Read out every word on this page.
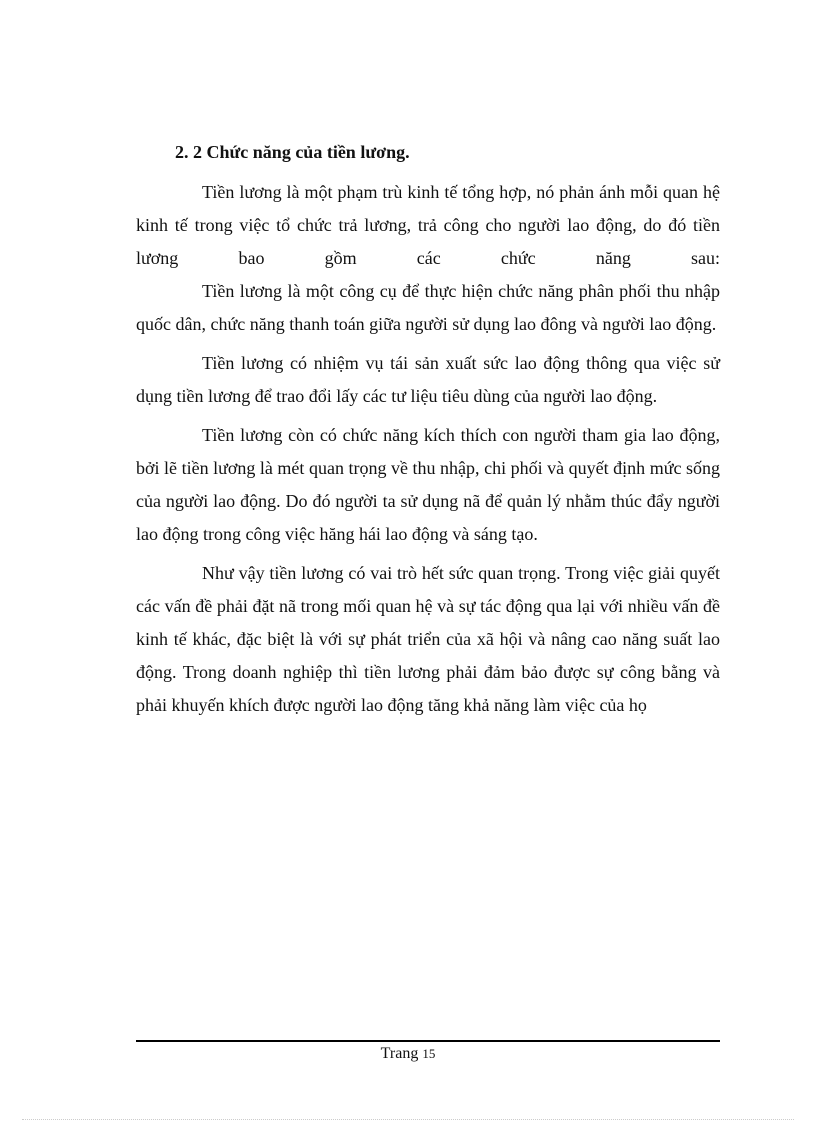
2. 2 Chức năng của tiền lương.

Tiền lương là một phạm trù kinh tế tổng hợp, nó phản ánh mỗi quan hệ kinh tế trong việc tổ chức trả lương, trả công cho người lao động, do đó tiền lương bao gồm các chức năng sau:

Tiền lương là một công cụ để thực hiện chức năng phân phối thu nhập quốc dân, chức năng thanh toán giữa người sử dụng lao đông và người lao động.

Tiền lương có nhiệm vụ tái sản xuất sức lao động thông qua việc sử dụng tiền lương để trao đổi lấy các tư liệu tiêu dùng của người lao động.

Tiền lương còn có chức năng kích thích con người tham gia lao động, bởi lẽ tiền lương là mét quan trọng về thu nhập, chi phối và quyết định mức sống của người lao động. Do đó người ta sử dụng nã để quản lý nhằm thúc đẩy người lao động trong công việc hăng hái lao động và sáng tạo.

Như vậy tiền lương có vai trò hết sức quan trọng. Trong việc giải quyết các vấn đề phải đặt nã trong mối quan hệ và sự tác động qua lại với nhiều vấn đề kinh tế khác, đặc biệt là với sự phát triển của xã hội và nâng cao năng suất lao động. Trong doanh nghiệp thì tiền lương phải đảm bảo được sự công bằng và phải khuyến khích được người lao động tăng khả năng làm việc của họ

Trang 15
